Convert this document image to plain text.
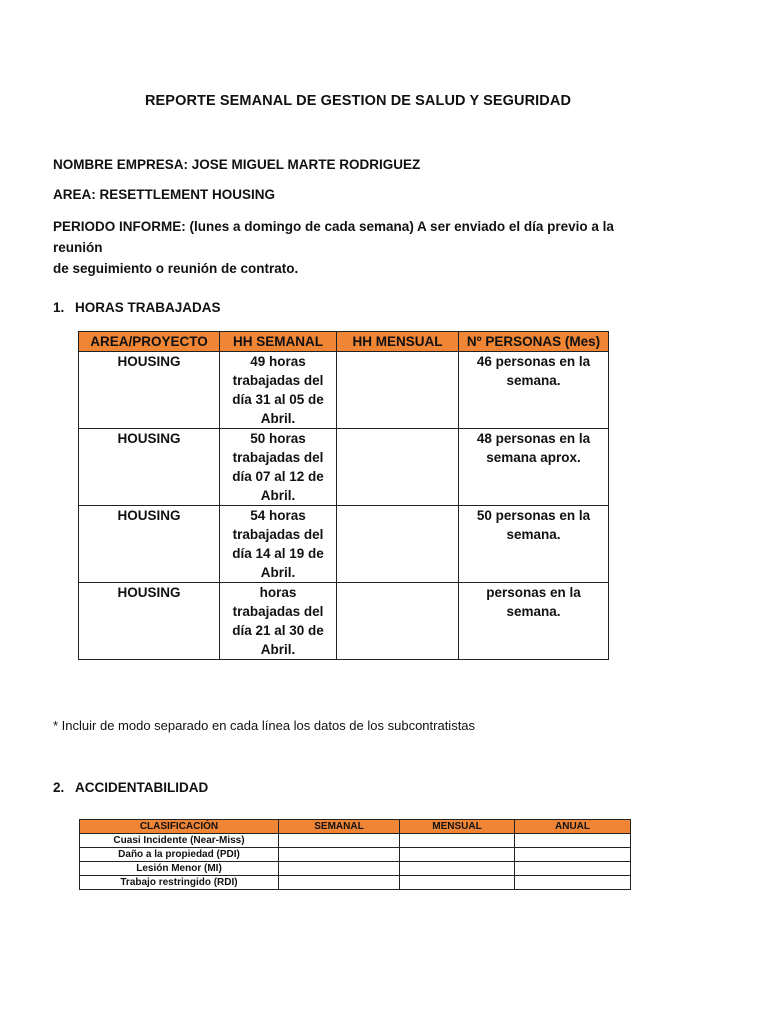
REPORTE SEMANAL DE GESTION DE SALUD Y SEGURIDAD
NOMBRE EMPRESA: JOSE MIGUEL MARTE RODRIGUEZ
AREA: RESETTLEMENT HOUSING
PERIODO INFORME: (lunes a domingo de cada semana) A ser enviado el día previo a la reunión
de seguimiento o reunión de contrato.
1. HORAS TRABAJADAS
AREA/PROYECTO	HH SEMANAL	HH MENSUAL	Nº PERSONAS (Mes)
HOUSING	49 horas trabajadas del día 31 al 05 de Abril.		46 personas en la semana.
HOUSING	50 horas trabajadas del día 07 al 12 de Abril.		48 personas en la semana aprox.
HOUSING	54 horas trabajadas del día 14 al 19 de Abril.		50 personas en la semana.
HOUSING	horas trabajadas del día 21 al 30 de Abril.		personas en la semana.
* Incluir de modo separado en cada línea los datos de los subcontratistas
2. ACCIDENTABILIDAD
CLASIFICACIÓN	SEMANAL	MENSUAL	ANUAL
Cuasi Incidente (Near-Miss)			
Daño a la propiedad (PDI)			
Lesión Menor (MI)			
Trabajo restringido (RDI)			
